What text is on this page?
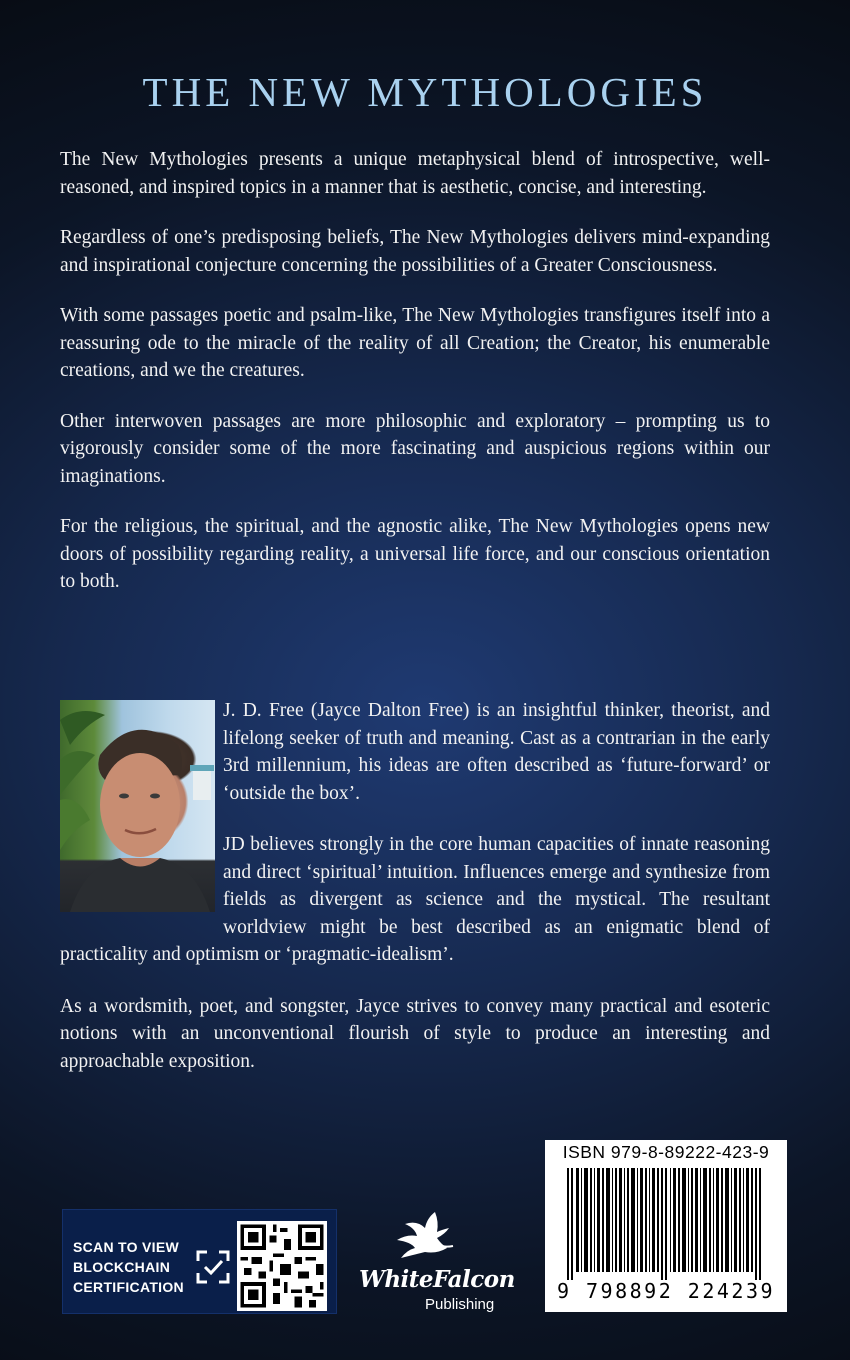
THE NEW MYTHOLOGIES

The New Mythologies presents a unique metaphysical blend of introspective, well-reasoned, and inspired topics in a manner that is aesthetic, concise, and interesting.

Regardless of one’s predisposing beliefs, The New Mythologies delivers mind-expanding and inspirational conjecture concerning the possibilities of a Greater Consciousness.

With some passages poetic and psalm-like, The New Mythologies transfigures itself into a reassuring ode to the miracle of the reality of all Creation; the Creator, his enumerable creations, and we the creatures.

Other interwoven passages are more philosophic and exploratory – prompting us to vigorously consider some of the more fascinating and auspicious regions within our imaginations.

For the religious, the spiritual, and the agnostic alike, The New Mythologies opens new doors of possibility regarding reality, a universal life force, and our conscious orientation to both.

J. D. Free (Jayce Dalton Free) is an insightful thinker, theorist, and lifelong seeker of truth and meaning. Cast as a contrarian in the early 3rd millennium, his ideas are often described as ‘future-forward’ or ‘outside the box’.

JD believes strongly in the core human capacities of innate reasoning and direct ‘spiritual’ intuition. Influences emerge and synthesize from fields as divergent as science and the mystical. The resultant worldview might be best described as an enigmatic blend of practicality and optimism or ‘pragmatic-idealism’.

As a wordsmith, poet, and songster, Jayce strives to convey many practical and esoteric notions with an unconventional flourish of style to produce an interesting and approachable exposition.

SCAN TO VIEW
BLOCKCHAIN
CERTIFICATION	WhiteFalcon
Publishing
ISBN 979-8-89222-423-9
9 798892 224239
